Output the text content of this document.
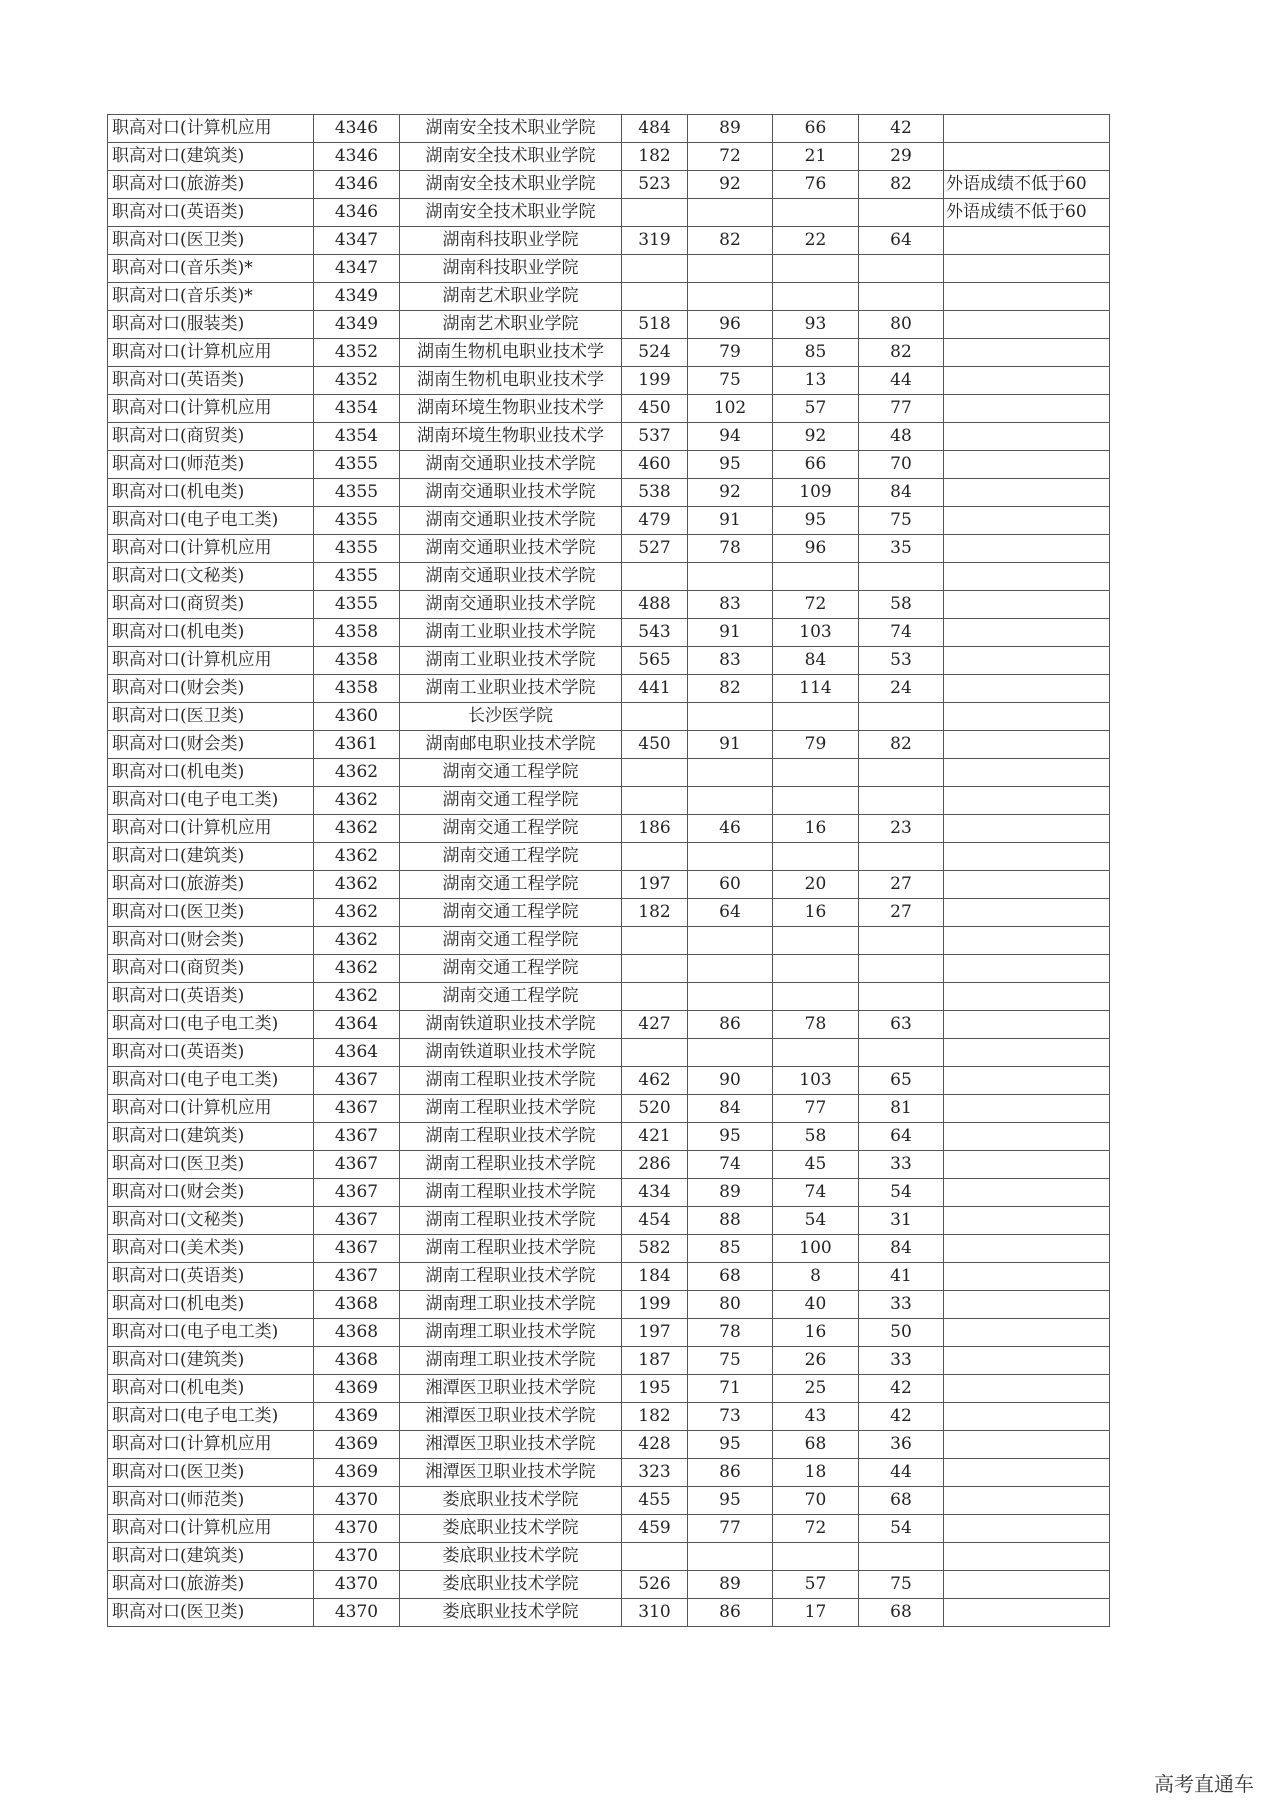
职高对口(计算机应用	4346	湖南安全技术职业学院	484	89	66	42	
职高对口(建筑类)	4346	湖南安全技术职业学院	182	72	21	29	
职高对口(旅游类)	4346	湖南安全技术职业学院	523	92	76	82	外语成绩不低于60
职高对口(英语类)	4346	湖南安全技术职业学院					外语成绩不低于60
职高对口(医卫类)	4347	湖南科技职业学院	319	82	22	64	
职高对口(音乐类)*	4347	湖南科技职业学院					
职高对口(音乐类)*	4349	湖南艺术职业学院					
职高对口(服装类)	4349	湖南艺术职业学院	518	96	93	80	
职高对口(计算机应用	4352	湖南生物机电职业技术学	524	79	85	82	
职高对口(英语类)	4352	湖南生物机电职业技术学	199	75	13	44	
职高对口(计算机应用	4354	湖南环境生物职业技术学	450	102	57	77	
职高对口(商贸类)	4354	湖南环境生物职业技术学	537	94	92	48	
职高对口(师范类)	4355	湖南交通职业技术学院	460	95	66	70	
职高对口(机电类)	4355	湖南交通职业技术学院	538	92	109	84	
职高对口(电子电工类)	4355	湖南交通职业技术学院	479	91	95	75	
职高对口(计算机应用	4355	湖南交通职业技术学院	527	78	96	35	
职高对口(文秘类)	4355	湖南交通职业技术学院					
职高对口(商贸类)	4355	湖南交通职业技术学院	488	83	72	58	
职高对口(机电类)	4358	湖南工业职业技术学院	543	91	103	74	
职高对口(计算机应用	4358	湖南工业职业技术学院	565	83	84	53	
职高对口(财会类)	4358	湖南工业职业技术学院	441	82	114	24	
职高对口(医卫类)	4360	长沙医学院					
职高对口(财会类)	4361	湖南邮电职业技术学院	450	91	79	82	
职高对口(机电类)	4362	湖南交通工程学院					
职高对口(电子电工类)	4362	湖南交通工程学院					
职高对口(计算机应用	4362	湖南交通工程学院	186	46	16	23	
职高对口(建筑类)	4362	湖南交通工程学院					
职高对口(旅游类)	4362	湖南交通工程学院	197	60	20	27	
职高对口(医卫类)	4362	湖南交通工程学院	182	64	16	27	
职高对口(财会类)	4362	湖南交通工程学院					
职高对口(商贸类)	4362	湖南交通工程学院					
职高对口(英语类)	4362	湖南交通工程学院					
职高对口(电子电工类)	4364	湖南铁道职业技术学院	427	86	78	63	
职高对口(英语类)	4364	湖南铁道职业技术学院					
职高对口(电子电工类)	4367	湖南工程职业技术学院	462	90	103	65	
职高对口(计算机应用	4367	湖南工程职业技术学院	520	84	77	81	
职高对口(建筑类)	4367	湖南工程职业技术学院	421	95	58	64	
职高对口(医卫类)	4367	湖南工程职业技术学院	286	74	45	33	
职高对口(财会类)	4367	湖南工程职业技术学院	434	89	74	54	
职高对口(文秘类)	4367	湖南工程职业技术学院	454	88	54	31	
职高对口(美术类)	4367	湖南工程职业技术学院	582	85	100	84	
职高对口(英语类)	4367	湖南工程职业技术学院	184	68	8	41	
职高对口(机电类)	4368	湖南理工职业技术学院	199	80	40	33	
职高对口(电子电工类)	4368	湖南理工职业技术学院	197	78	16	50	
职高对口(建筑类)	4368	湖南理工职业技术学院	187	75	26	33	
职高对口(机电类)	4369	湘潭医卫职业技术学院	195	71	25	42	
职高对口(电子电工类)	4369	湘潭医卫职业技术学院	182	73	43	42	
职高对口(计算机应用	4369	湘潭医卫职业技术学院	428	95	68	36	
职高对口(医卫类)	4369	湘潭医卫职业技术学院	323	86	18	44	
职高对口(师范类)	4370	娄底职业技术学院	455	95	70	68	
职高对口(计算机应用	4370	娄底职业技术学院	459	77	72	54	
职高对口(建筑类)	4370	娄底职业技术学院					
职高对口(旅游类)	4370	娄底职业技术学院	526	89	57	75	
职高对口(医卫类)	4370	娄底职业技术学院	310	86	17	68	
高考直通车
